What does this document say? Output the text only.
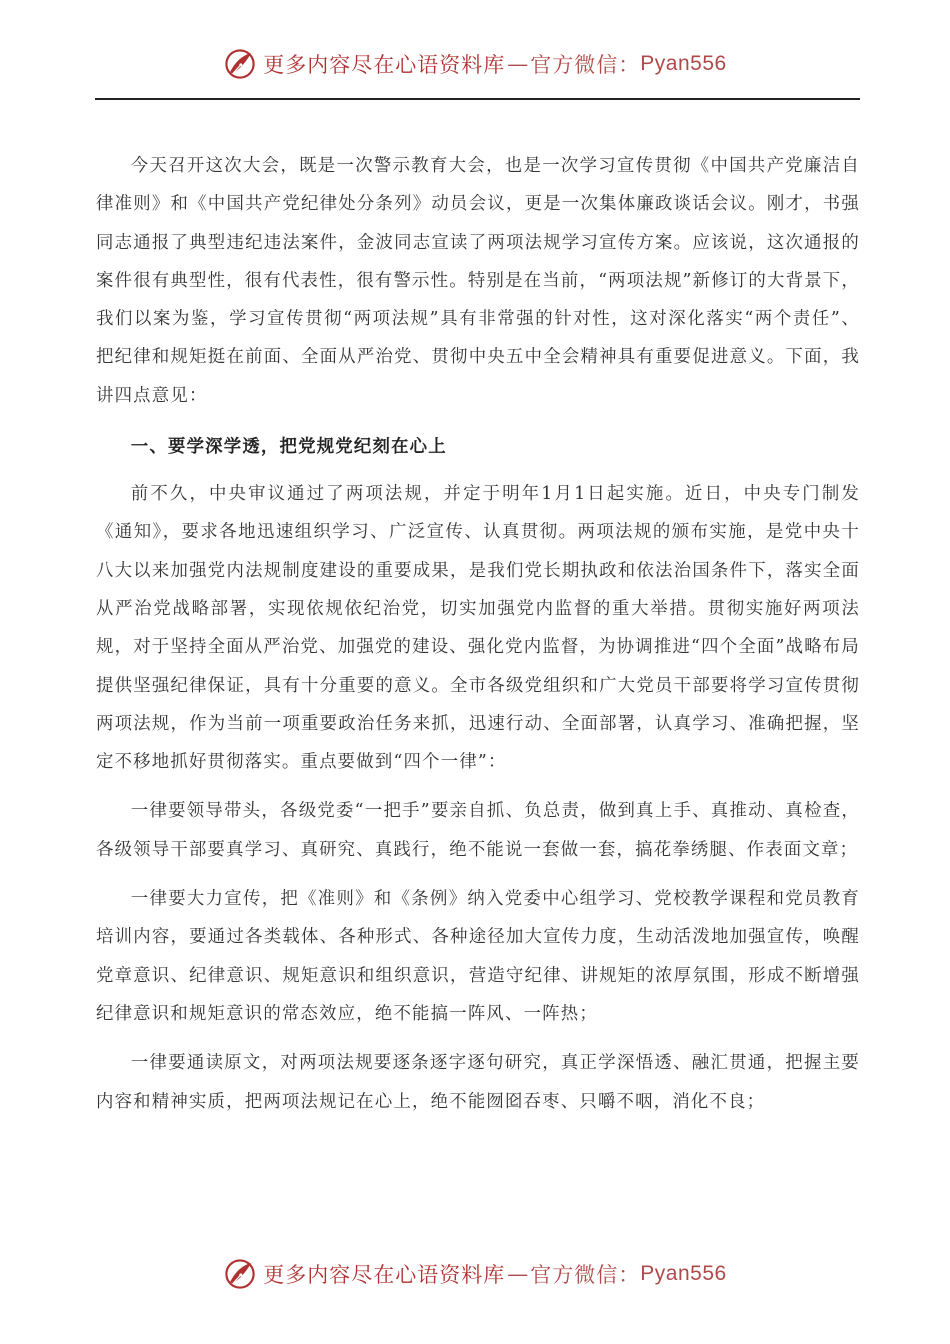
更多内容尽在心语资料库 — 官方微信： Pyan556

今天召开这次大会，既是一次警示教育大会，也是一次学习宣传贯彻《中国共产党廉洁自律准则》和《中国共产党纪律处分条列》动员会议，更是一次集体廉政谈话会议。刚才，书强同志通报了典型违纪违法案件，金波同志宣读了两项法规学习宣传方案。应该说，这次通报的案件很有典型性，很有代表性，很有警示性。特别是在当前，“两项法规”新修订的大背景下，我们以案为鉴，学习宣传贯彻“两项法规”具有非常强的针对性，这对深化落实“两个责任”、把纪律和规矩挺在前面、全面从严治党、贯彻中央五中全会精神具有重要促进意义。下面，我讲四点意见：

一、要学深学透，把党规党纪刻在心上

前不久，中央审议通过了两项法规，并定于明年1月1日起实施。近日，中央专门制发《通知》，要求各地迅速组织学习、广泛宣传、认真贯彻。两项法规的颁布实施，是党中央十八大以来加强党内法规制度建设的重要成果，是我们党长期执政和依法治国条件下，落实全面从严治党战略部署，实现依规依纪治党，切实加强党内监督的重大举措。贯彻实施好两项法规，对于坚持全面从严治党、加强党的建设、强化党内监督，为协调推进“四个全面”战略布局提供坚强纪律保证，具有十分重要的意义。全市各级党组织和广大党员干部要将学习宣传贯彻两项法规，作为当前一项重要政治任务来抓，迅速行动、全面部署，认真学习、准确把握，坚定不移地抓好贯彻落实。重点要做到“四个一律”：

一律要领导带头，各级党委“一把手”要亲自抓、负总责，做到真上手、真推动、真检查，各级领导干部要真学习、真研究、真践行，绝不能说一套做一套，搞花拳绣腿、作表面文章；

一律要大力宣传，把《准则》和《条例》纳入党委中心组学习、党校教学课程和党员教育培训内容，要通过各类载体、各种形式、各种途径加大宣传力度，生动活泼地加强宣传，唤醒党章意识、纪律意识、规矩意识和组织意识，营造守纪律、讲规矩的浓厚氛围，形成不断增强纪律意识和规矩意识的常态效应，绝不能搞一阵风、一阵热；

一律要通读原文，对两项法规要逐条逐字逐句研究，真正学深悟透、融汇贯通，把握主要内容和精神实质，把两项法规记在心上，绝不能囫囵吞枣、只嚼不咽，消化不良；

更多内容尽在心语资料库 — 官方微信： Pyan556
